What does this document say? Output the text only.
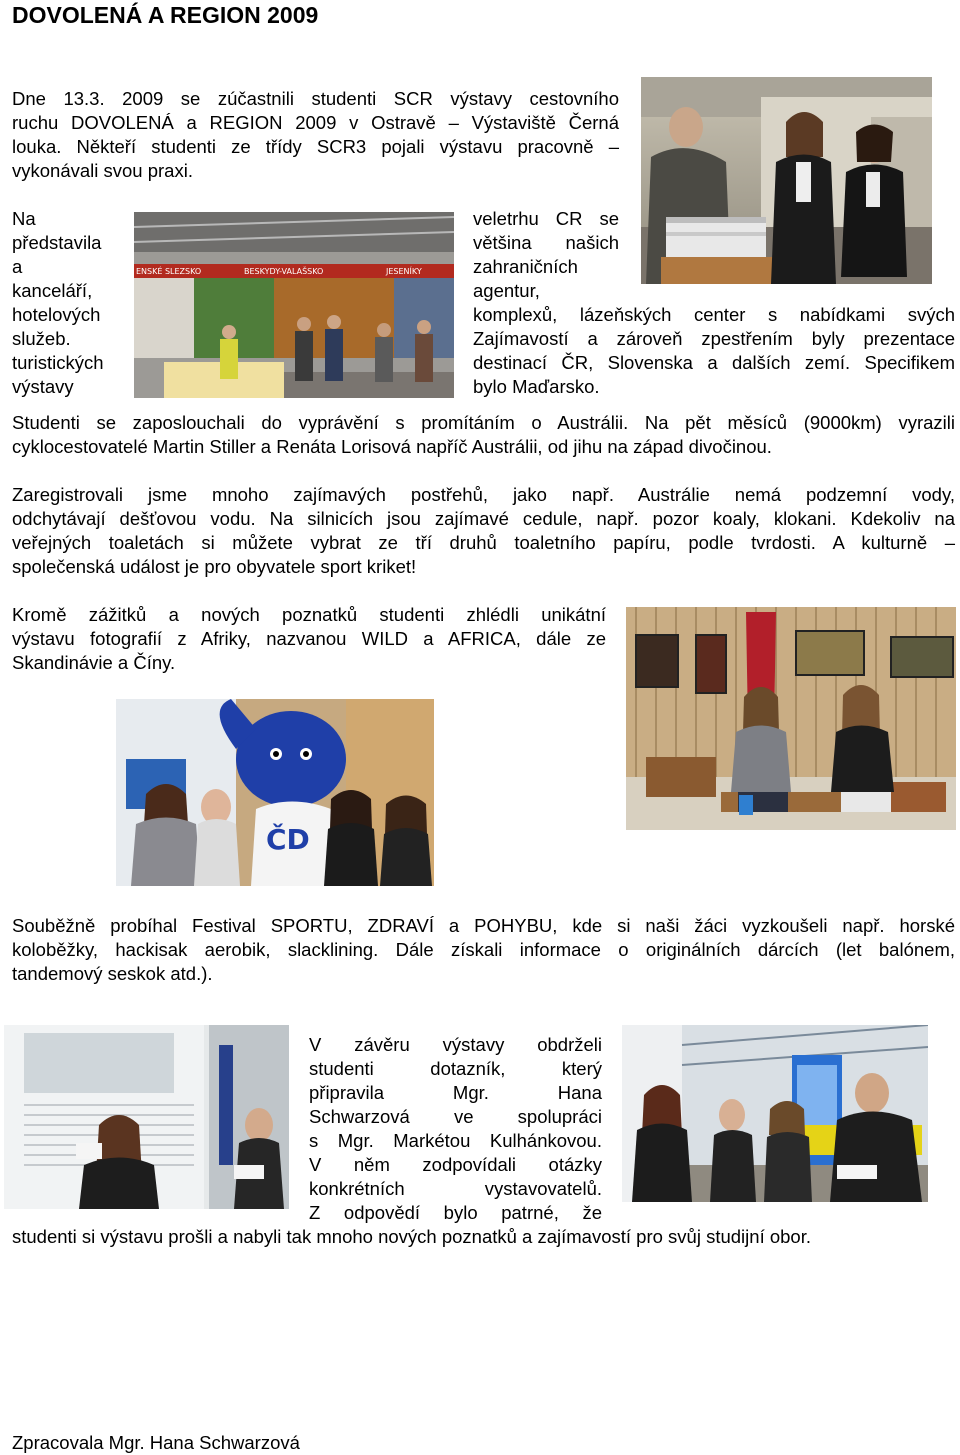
DOVOLENÁ A REGION 2009
Dne 13.3. 2009 se zúčastnili studenti SCR výstavy cestovního
ruchu DOVOLENÁ a REGION 2009 v Ostravě – Výstaviště Černá
louka. Někteří studenti ze třídy SCR3 pojali výstavu pracovně –
vykonávali svou praxi.
Na
představila
a
kanceláří,
hotelových
služeb.
turistických
výstavy
ENSKÉ SLEZSKO	BESKYDY-VALAŠSKO	JESENÍKY
veletrhu CR se
většina našich
zahraničních
agentur,
komplexů, lázeňských center s nabídkami svých
Zajímavostí a zároveň zpestřením byly prezentace
destinací ČR, Slovenska a dalších zemí. Specifikem
bylo Maďarsko.
Studenti se zaposlouchali do vyprávění s promítáním o Austrálii. Na pět měsíců (9000km) vyrazili
cyklocestovatelé Martin Stiller a Renáta Lorisová napříč Austrálii, od jihu na západ divočinou.
Zaregistrovali jsme mnoho zajímavých postřehů, jako např. Austrálie nemá podzemní vody,
odchytávají dešťovou vodu. Na silnicích jsou zajímavé cedule, např. pozor koaly, klokani. Kdekoliv na
veřejných toaletách si můžete vybrat ze tří druhů toaletního papíru, podle tvrdosti. A kulturně –
společenská událost je pro obyvatele sport kriket!
Kromě zážitků a nových poznatků studenti zhlédli unikátní
výstavu fotografií z Afriky, nazvanou WILD a AFRICA, dále ze
Skandinávie a Číny.
ČD
Souběžně probíhal Festival SPORTU, ZDRAVÍ a POHYBU, kde si naši žáci vyzkoušeli např. horské
koloběžky, hackisak aerobik, slacklining. Dále získali informace o originálních dárcích (let balónem,
tandemový seskok atd.).
V závěru výstavy obdrželi
studenti dotazník, který
připravila Mgr. Hana
Schwarzová ve spolupráci
s Mgr. Markétou Kulhánkovou.
V něm zodpovídali otázky
konkrétních vystavovatelů.
Z odpovědí bylo patrné, že
studenti si výstavu prošli a nabyli tak mnoho nových poznatků a zajímavostí pro svůj studijní obor.
Zpracovala Mgr. Hana Schwarzová
